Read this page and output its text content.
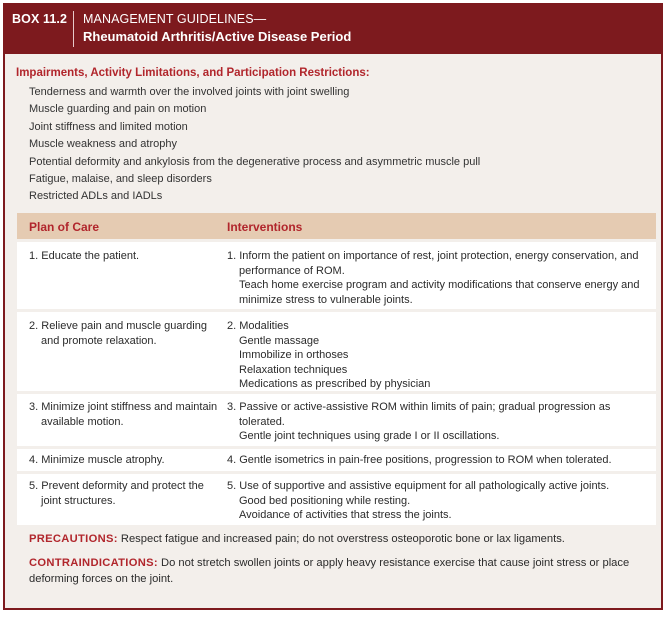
BOX 11.2 MANAGEMENT GUIDELINES—
Rheumatoid Arthritis/Active Disease Period
Impairments, Activity Limitations, and Participation Restrictions:
Tenderness and warmth over the involved joints with joint swelling
Muscle guarding and pain on motion
Joint stiffness and limited motion
Muscle weakness and atrophy
Potential deformity and ankylosis from the degenerative process and asymmetric muscle pull
Fatigue, malaise, and sleep disorders
Restricted ADLs and IADLs
Plan of Care	Interventions
1. Educate the patient.	1. Inform the patient on importance of rest, joint protection, energy conservation, and performance of ROM.
Teach home exercise program and activity modifications that conserve energy and minimize stress to vulnerable joints.
2. Relieve pain and muscle guarding and promote relaxation.
2. Modalities
Gentle massage
Immobilize in orthoses
Relaxation techniques
Medications as prescribed by physician
3. Minimize joint stiffness and maintain available motion.
3. Passive or active-assistive ROM within limits of pain; gradual progression as tolerated.
Gentle joint techniques using grade I or II oscillations.
4. Minimize muscle atrophy.	4. Gentle isometrics in pain-free positions, progression to ROM when tolerated.
5. Prevent deformity and protect the joint structures.
5. Use of supportive and assistive equipment for all pathologically active joints.
Good bed positioning while resting.
Avoidance of activities that stress the joints.
PRECAUTIONS: Respect fatigue and increased pain; do not overstress osteoporotic bone or lax ligaments.
CONTRAINDICATIONS: Do not stretch swollen joints or apply heavy resistance exercise that cause joint stress or place deforming forces on the joint.
